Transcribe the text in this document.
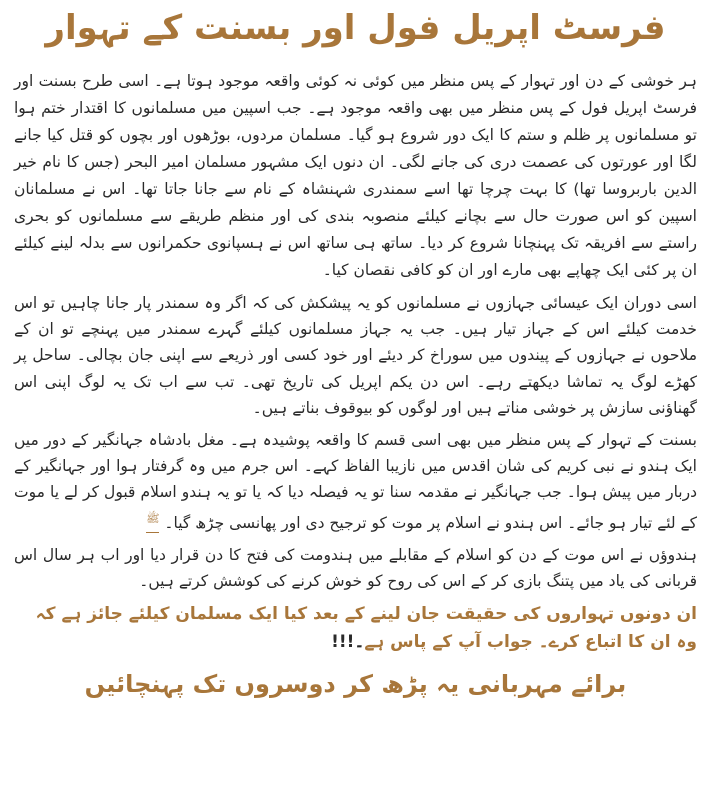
فرسٹ اپریل فول اور بسنت کے تہوار

ہر خوشی کے دن اور تہوار کے پس منظر میں کوئی نہ کوئی واقعہ موجود ہوتا ہے۔ اسی طرح بسنت اور فرسٹ اپریل فول کے پس منظر میں بھی واقعہ موجود ہے۔ جب اسپین میں مسلمانوں کا اقتدار ختم ہوا تو مسلمانوں پر ظلم و ستم کا ایک دور شروع ہو گیا۔ مسلمان مردوں، بوڑھوں اور بچوں کو قتل کیا جانے لگا اور عورتوں کی عصمت دری کی جانے لگی۔ ان دنوں ایک مشہور مسلمان امیر البحر (جس کا نام خیر الدین باربروسا تھا) کا بہت چرچا تھا اسے سمندری شہنشاہ کے نام سے جانا جاتا تھا۔ اس نے مسلمانان اسپین کو اس صورت حال سے بچانے کیلئے منصوبہ بندی کی اور منظم طریقے سے مسلمانوں کو بحری راستے سے افریقہ تک پہنچانا شروع کر دیا۔ ساتھ ہی ساتھ اس نے ہسپانوی حکمرانوں سے بدلہ لینے کیلئے ان پر کئی ایک چھاپے بھی مارے اور ان کو کافی نقصان کیا۔

اسی دوران ایک عیسائی جہازوں نے مسلمانوں کو یہ پیشکش کی کہ اگر وہ سمندر پار جانا چاہیں تو اس خدمت کیلئے اس کے جہاز تیار ہیں۔ جب یہ جہاز مسلمانوں کیلئے گہرے سمندر میں پہنچے تو ان کے ملاحوں نے جہازوں کے پیندوں میں سوراخ کر دیئے اور خود کسی اور ذریعے سے اپنی جان بچالی۔ ساحل پر کھڑے لوگ یہ تماشا دیکھتے رہے۔ اس دن یکم اپریل کی تاریخ تھی۔ تب سے اب تک یہ لوگ اپنی اس گھناؤنی سازش پر خوشی مناتے ہیں اور لوگوں کو بیوقوف بناتے ہیں۔

بسنت کے تہوار کے پس منظر میں بھی اسی قسم کا واقعہ پوشیدہ ہے۔ مغل بادشاہ جہانگیر کے دور میں ایک ہندو نے نبی کریم کی شان اقدس میں نازیبا الفاظ کہے۔ اس جرم میں وہ گرفتار ہوا اور جہانگیر کے دربار میں پیش ہوا۔ جب جہانگیر نے مقدمہ سنا تو یہ فیصلہ دیا کہ یا تو یہ ہندو اسلام قبول کر لے یا موت کے لئے تیار ہو جائے۔ اس ہندو نے اسلام پر موت کو ترجیح دی اور پھانسی چڑھ گیا۔ ﷺ

ہندوؤں نے اس موت کے دن کو اسلام کے مقابلے میں ہندومت کی فتح کا دن قرار دیا اور اب ہر سال اس قربانی کی یاد میں پتنگ بازی کر کے اس کی روح کو خوش کرنے کی کوشش کرتے ہیں۔

ان دونوں تہواروں کی حقیقت جان لینے کے بعد کیا ایک مسلمان کیلئے جائز ہے کہ وہ ان کا اتباع کرے۔ جواب آپ کے پاس ہے۔!!!

برائے مہربانی یہ پڑھ کر دوسروں تک پہنچائیں
